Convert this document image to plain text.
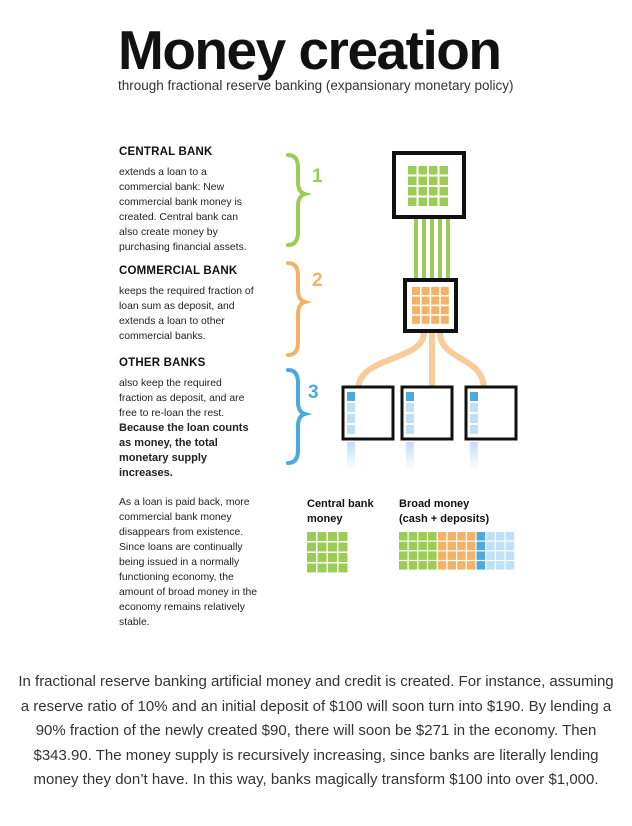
Money creation
through fractional reserve banking (expansionary monetary policy)
CENTRAL BANK
extends a loan to a
commercial bank: New
commercial bank money is
created. Central bank can
also create money by
purchasing financial assets.
COMMERCIAL BANK
keeps the required fraction of
loan sum as deposit, and
extends a loan to other
commercial banks.
OTHER BANKS
also keep the required
fraction as deposit, and are
free to re-loan the rest.
Because the loan counts
as money, the total
monetary supply
increases.
As a loan is paid back, more
commercial bank money
disappears from existence.
Since loans are continually
being issued in a normally
functioning economy, the
amount of broad money in the
economy remains relatively
stable.
1
2
3
Central bank
money
Broad money
(cash + deposits)
In fractional reserve banking artificial money and credit is created. For instance, assuming a reserve ratio of 10% and an initial deposit of $100 will soon turn into $190. By lending a 90% fraction of the newly created $90, there will soon be $271 in the economy. Then $343.90. The money supply is recursively increasing, since banks are literally lending money they don’t have. In this way, banks magically transform $100 into over $1,000.
